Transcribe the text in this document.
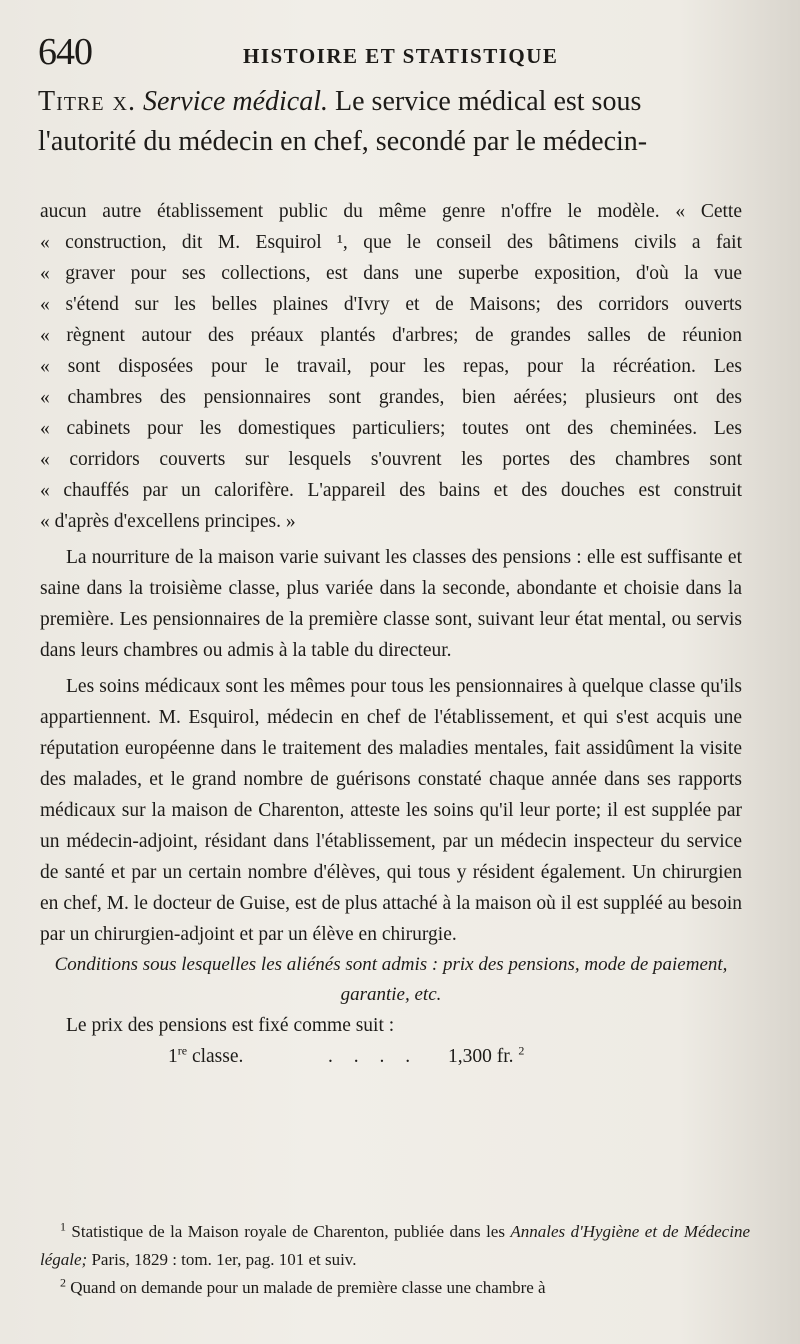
640	HISTOIRE ET STATISTIQUE
Titre x. Service médical. Le service médical est sous l'autorité du médecin en chef, secondé par le médecin-
aucun autre établissement public du même genre n'offre le modèle. « Cette
« construction, dit M. Esquirol ¹, que le conseil des bâtimens civils a fait
« graver pour ses collections, est dans une superbe exposition, d'où la vue
« s'étend sur les belles plaines d'Ivry et de Maisons; des corridors ouverts
« règnent autour des préaux plantés d'arbres; de grandes salles de réunion
« sont disposées pour le travail, pour les repas, pour la récréation. Les
« chambres des pensionnaires sont grandes, bien aérées; plusieurs ont des
« cabinets pour les domestiques particuliers; toutes ont des cheminées. Les
« corridors couverts sur lesquels s'ouvrent les portes des chambres sont
« chauffés par un calorifère. L'appareil des bains et des douches est construit
« d'après d'excellens principes. »

La nourriture de la maison varie suivant les classes des pensions : elle est suffisante et saine dans la troisième classe, plus variée dans la seconde, abondante et choisie dans la première. Les pensionnaires de la première classe sont, suivant leur état mental, ou servis dans leurs chambres ou admis à la table du directeur.

Les soins médicaux sont les mêmes pour tous les pensionnaires à quelque classe qu'ils appartiennent. M. Esquirol, médecin en chef de l'établissement, et qui s'est acquis une réputation européenne dans le traitement des maladies mentales, fait assidûment la visite des malades, et le grand nombre de guérisons constaté chaque année dans ses rapports médicaux sur la maison de Charenton, atteste les soins qu'il leur porte; il est supplée par un médecin-adjoint, résidant dans l'établissement, par un médecin inspecteur du service de santé et par un certain nombre d'élèves, qui tous y résident également. Un chirurgien en chef, M. le docteur de Guise, est de plus attaché à la maison où il est suppléé au besoin par un chirurgien-adjoint et par un élève en chirurgie.

Conditions sous lesquelles les aliénés sont admis : prix des pensions, mode de paiement, garantie, etc.

Le prix des pensions est fixé comme suit :

1re classe.	. . . . 1,300 fr. $^2$

$^1$ Statistique de la Maison royale de Charenton, publiée dans les Annales d'Hygiène et de Médecine légale; Paris, 1829 : tom. 1er, pag. 101 et suiv.

$^2$ Quand on demande pour un malade de première classe une chambre à
